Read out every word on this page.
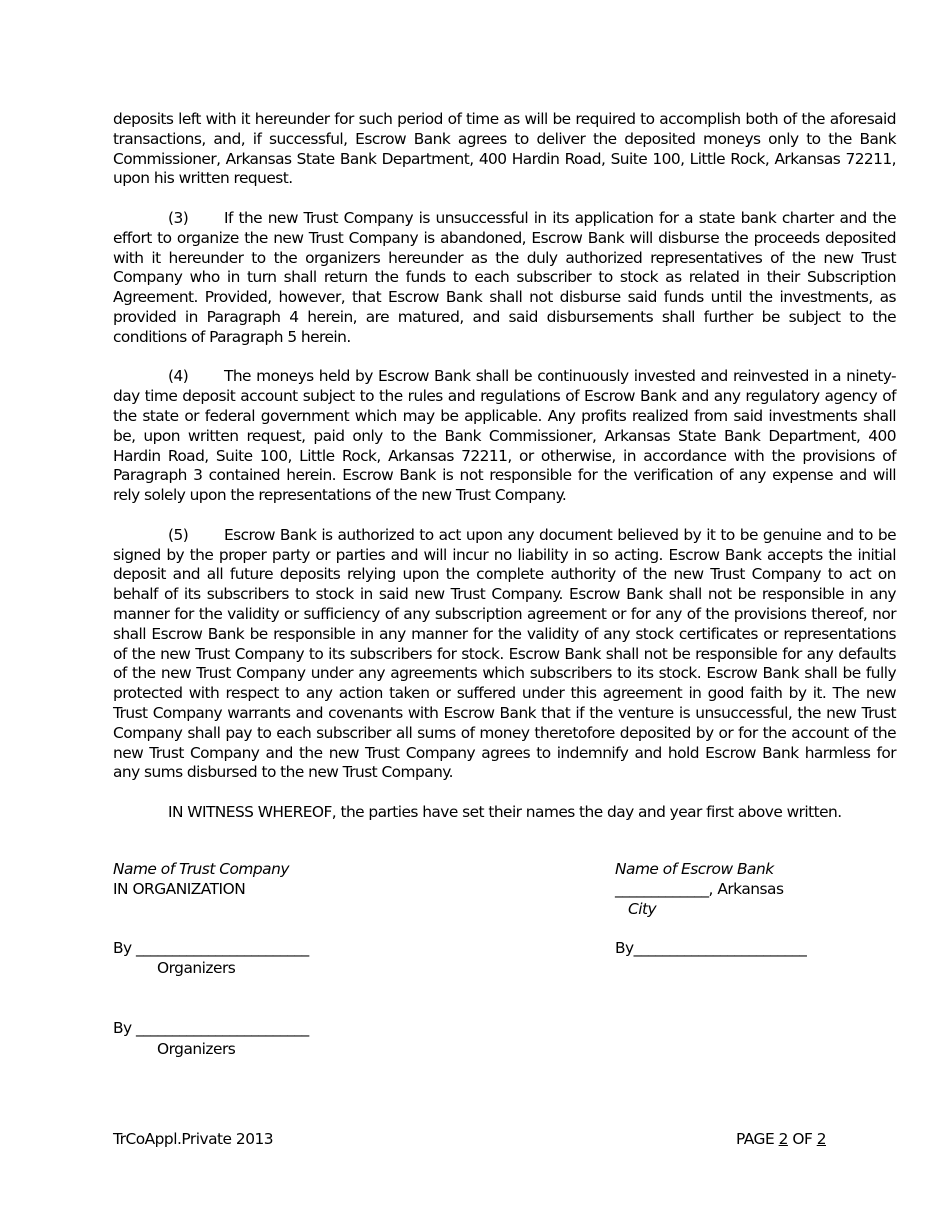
deposits left with it hereunder for such period of time as will be required to accomplish both of the aforesaid transactions, and, if successful, Escrow Bank agrees to deliver the deposited moneys only to the Bank Commissioner, Arkansas State Bank Department, 400 Hardin Road, Suite 100, Little Rock, Arkansas 72211, upon his written request.

(3) If the new Trust Company is unsuccessful in its application for a state bank charter and the effort to organize the new Trust Company is abandoned, Escrow Bank will disburse the proceeds deposited with it hereunder to the organizers hereunder as the duly authorized representatives of the new Trust Company who in turn shall return the funds to each subscriber to stock as related in their Subscription Agreement. Provided, however, that Escrow Bank shall not disburse said funds until the investments, as provided in Paragraph 4 herein, are matured, and said disbursements shall further be subject to the conditions of Paragraph 5 herein.

(4) The moneys held by Escrow Bank shall be continuously invested and reinvested in a ninety-day time deposit account subject to the rules and regulations of Escrow Bank and any regulatory agency of the state or federal government which may be applicable. Any profits realized from said investments shall be, upon written request, paid only to the Bank Commissioner, Arkansas State Bank Department, 400 Hardin Road, Suite 100, Little Rock, Arkansas 72211, or otherwise, in accordance with the provisions of Paragraph 3 contained herein. Escrow Bank is not responsible for the verification of any expense and will rely solely upon the representations of the new Trust Company.

(5) Escrow Bank is authorized to act upon any document believed by it to be genuine and to be signed by the proper party or parties and will incur no liability in so acting. Escrow Bank accepts the initial deposit and all future deposits relying upon the complete authority of the new Trust Company to act on behalf of its subscribers to stock in said new Trust Company. Escrow Bank shall not be responsible in any manner for the validity or sufficiency of any subscription agreement or for any of the provisions thereof, nor shall Escrow Bank be responsible in any manner for the validity of any stock certificates or representations of the new Trust Company to its subscribers for stock. Escrow Bank shall not be responsible for any defaults of the new Trust Company under any agreements which subscribers to its stock. Escrow Bank shall be fully protected with respect to any action taken or suffered under this agreement in good faith by it. The new Trust Company warrants and covenants with Escrow Bank that if the venture is unsuccessful, the new Trust Company shall pay to each subscriber all sums of money theretofore deposited by or for the account of the new Trust Company and the new Trust Company agrees to indemnify and hold Escrow Bank harmless for any sums disbursed to the new Trust Company.

IN WITNESS WHEREOF, the parties have set their names the day and year first above written.

Name of Trust Company
IN ORGANIZATION
By ________________________
Organizers
By ________________________
Organizers
Name of Escrow Bank
_____________, Arkansas
City
By________________________
TrCoAppl.Private 2013	PAGE 2 OF 2
